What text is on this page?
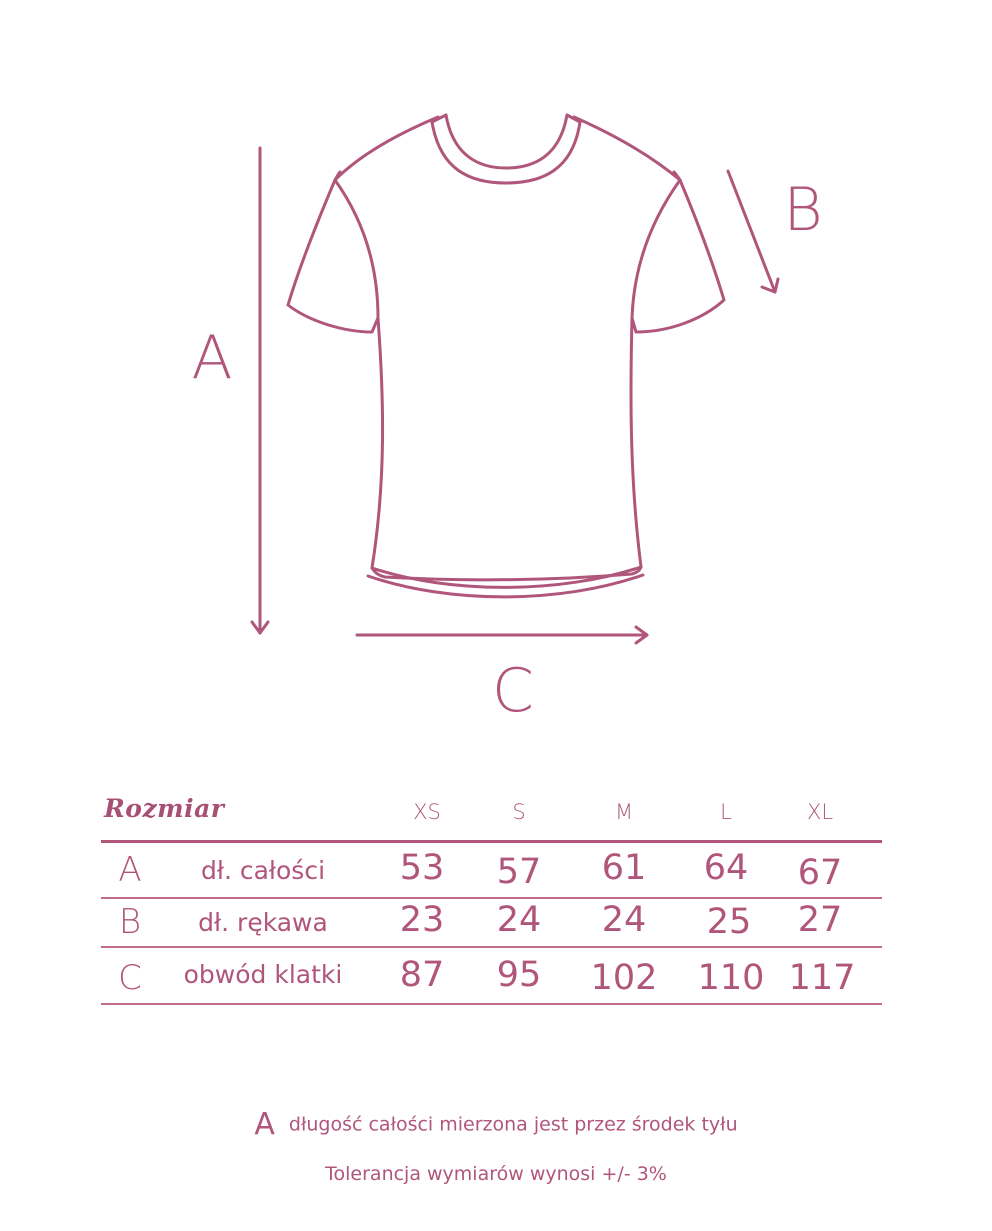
A
B
C
Rozmiar	XS	S	M	L	XL
A	dł. całości	53	57	61	64	67
B	dł. rękawa	23	24	24	25	27
C	obwód klatki	87	95	102	110 117
Adługość całości mierzona jest przez środek tyłu
Tolerancja wymiarów wynosi +/- 3%
